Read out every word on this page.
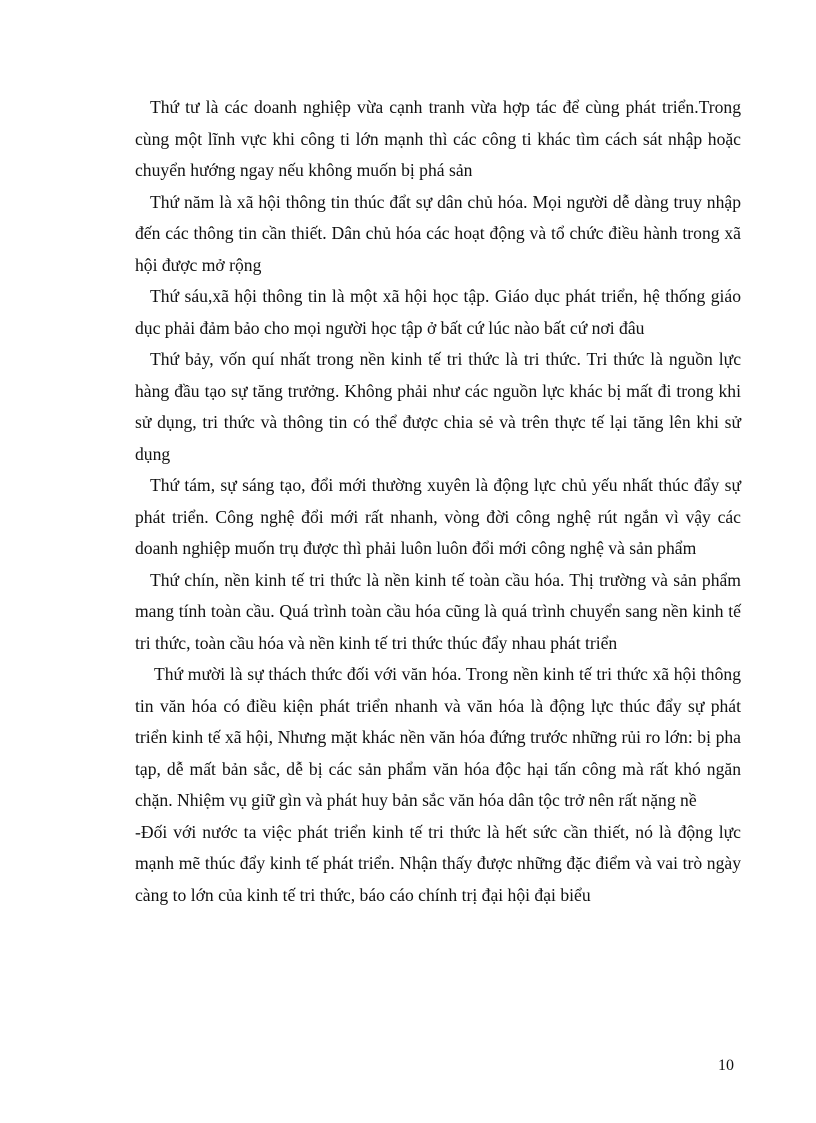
Thứ tư là các doanh nghiệp vừa cạnh tranh vừa hợp tác để cùng phát triển.Trong cùng một lĩnh vực khi công ti lớn mạnh thì các công ti khác tìm cách sát nhập hoặc chuyển hướng ngay nếu không muốn bị phá sản

Thứ năm là xã hội thông tin thúc đẩt sự dân chủ hóa. Mọi người dễ dàng truy nhập đến các thông tin cần thiết. Dân chủ hóa các hoạt động và tổ chức điều hành trong xã hội được mở rộng

Thứ sáu,xã hội thông tin là một xã hội học tập. Giáo dục phát triển, hệ thống giáo dục phải đảm bảo cho mọi người học tập ở bất cứ lúc nào bất cứ nơi đâu

Thứ bảy, vốn quí nhất trong nền kinh tế tri thức là tri thức. Tri thức là nguồn lực hàng đầu tạo sự tăng trưởng. Không phải như các nguồn lực khác bị mất đi trong khi sử dụng, tri thức và thông tin có thể được chia sẻ và trên thực tế lại tăng lên khi sử dụng

Thứ tám, sự sáng tạo, đổi mới thường xuyên là động lực chủ yếu nhất thúc đẩy sự phát triển. Công nghệ đổi mới rất nhanh, vòng đời công nghệ rút ngắn vì vậy các doanh nghiệp muốn trụ được thì phải luôn luôn đổi mới công nghệ và sản phẩm

Thứ chín, nền kinh tế tri thức là nền kinh tế toàn cầu hóa. Thị trường và sản phẩm mang tính toàn cầu. Quá trình toàn cầu hóa cũng là quá trình chuyển sang nền kinh tế tri thức, toàn cầu hóa và nền kinh tế tri thức thúc đẩy nhau phát triển

Thứ mười là sự thách thức đối với văn hóa. Trong nền kinh tế tri thức xã hội thông tin văn hóa có điều kiện phát triển nhanh và văn hóa là động lực thúc đẩy sự phát triển kinh tế xã hội, Nhưng mặt khác nền văn hóa đứng trước những rủi ro lớn: bị pha tạp, dễ mất bản sắc, dễ bị các sản phẩm văn hóa độc hại tấn công mà rất khó ngăn chặn. Nhiệm vụ giữ gìn và phát huy bản sắc văn hóa dân tộc trở nên rất nặng nề

-Đối với nước ta việc phát triển kinh tế tri thức là hết sức cần thiết, nó là động lực mạnh mẽ thúc đẩy kinh tế phát triển. Nhận thấy được những đặc điểm và vai trò ngày càng to lớn của kinh tế tri thức, báo cáo chính trị đại hội đại biểu

10
